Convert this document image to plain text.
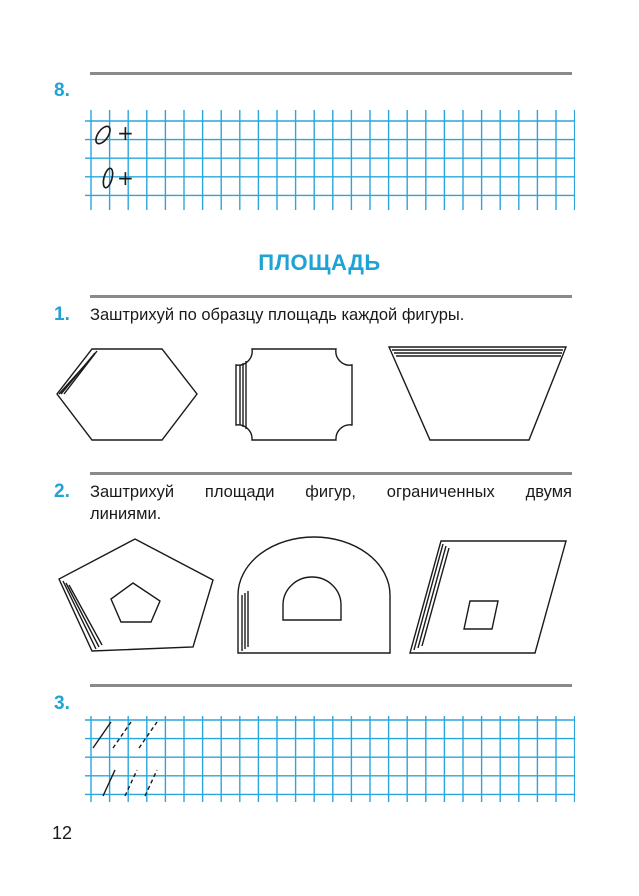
8.
+
+
ПЛОЩАДЬ
1. Заштрихуй по образцу площадь каждой фигуры.
2. Заштрихуй площади фигур, ограниченных двумя
линиями.
3.
12
